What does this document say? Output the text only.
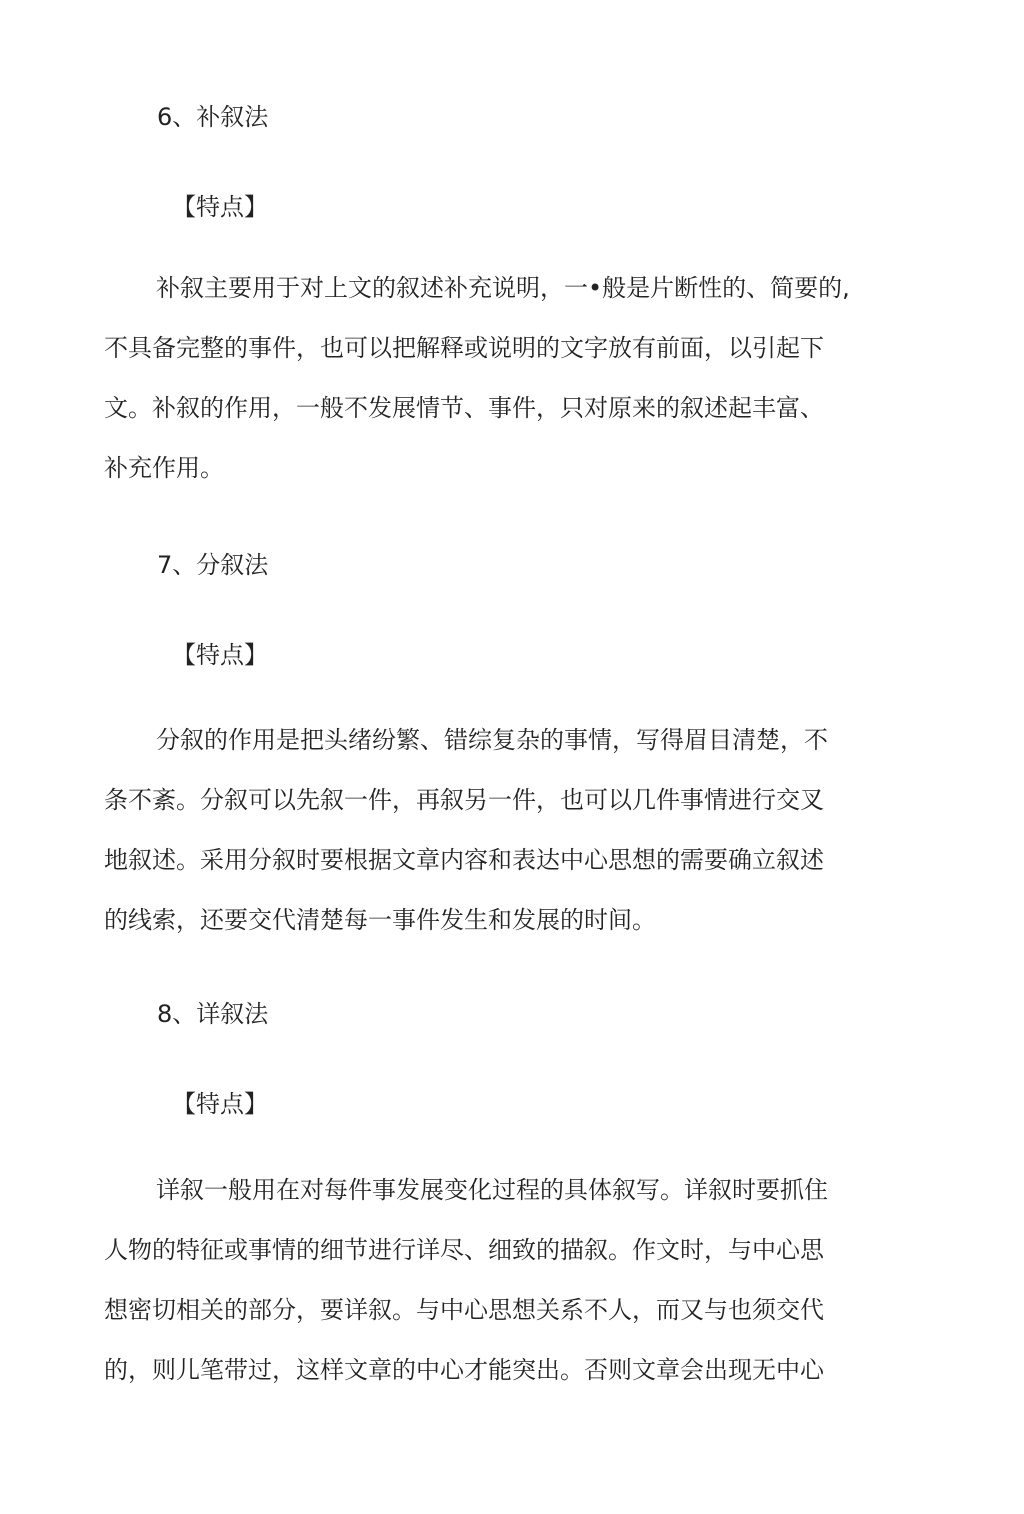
6、补叙法
【特点】
补叙主要用于对上文的叙述补充说明，一•般是片断性的、简要的,
不具备完整的事件，也可以把解释或说明的文字放有前面，以引起下
文。补叙的作用，一般不发展情节、事件，只对原来的叙述起丰富、
补充作用。
7、分叙法
【特点】
分叙的作用是把头绪纷繁、错综复杂的事情，写得眉目清楚，不
条不紊。分叙可以先叙一件，再叙另一件，也可以几件事情进行交叉
地叙述。采用分叙时要根据文章内容和表达中心思想的需要确立叙述
的线索，还要交代清楚每一事件发生和发展的时间。
8、详叙法
【特点】
详叙一般用在对每件事发展变化过程的具体叙写。详叙时要抓住
人物的特征或事情的细节进行详尽、细致的描叙。作文时，与中心思
想密切相关的部分，要详叙。与中心思想关系不人，而又与也须交代
的，则儿笔带过，这样文章的中心才能突出。否则文章会出现无中心
